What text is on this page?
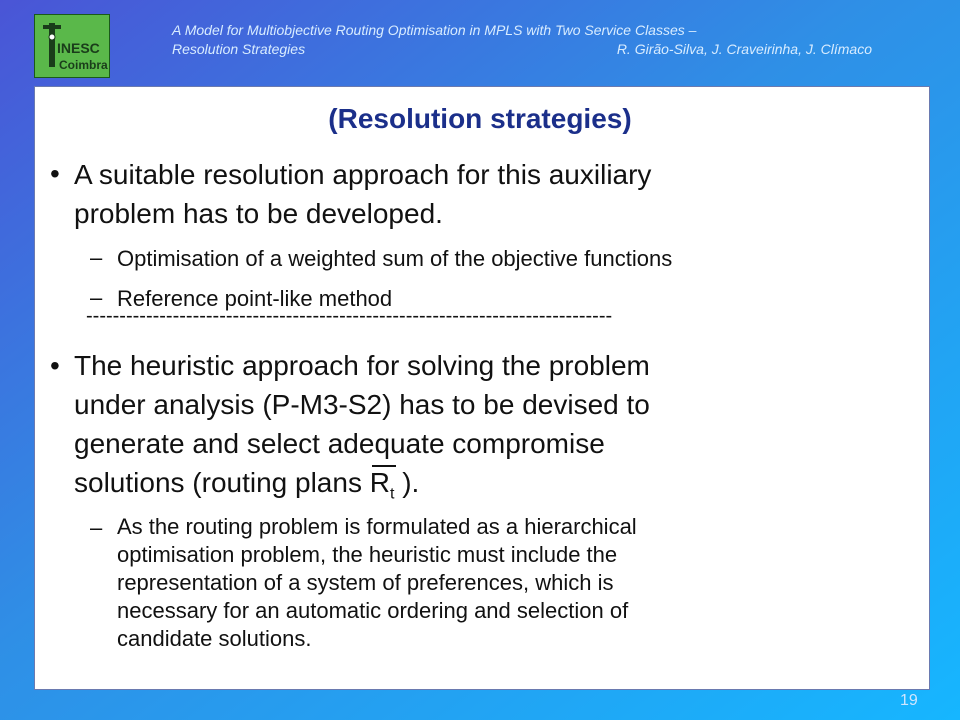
INESC
Coimbra
A Model for Multiobjective Routing Optimisation in MPLS with Two Service Classes –
Resolution Strategies	R. Girão-Silva, J. Craveirinha, J. Clímaco
(Resolution strategies)
• A suitable resolution approach for this auxiliary
problem has to be developed.
– Optimisation of a weighted sum of the objective functions
– Reference point-like method
-------------------------------------------------------------------------------
• The heuristic approach for solving the problem
under analysis (P-M3-S2) has to be devised to
generate and select adequate compromise
solutions (routing plans
$R_t$ ).
– As the routing problem is formulated as a hierarchical
optimisation problem, the heuristic must include the
representation of a system of preferences, which is
necessary for an automatic ordering and selection of
candidate solutions.
19
